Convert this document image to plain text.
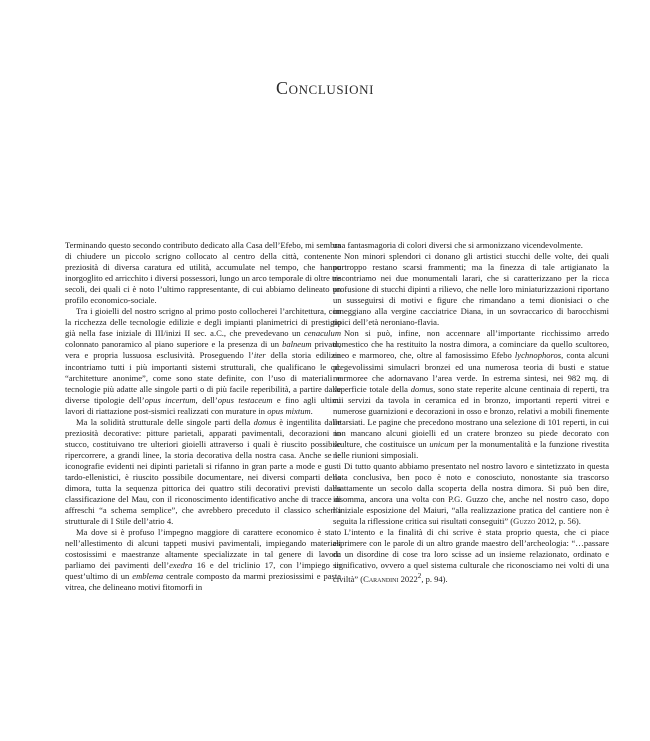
Conclusioni

Terminando questo secondo contributo dedicato alla Casa dell’Efebo, mi sembra di chiudere un piccolo scrigno collocato al centro della città, contenente preziosità di diversa caratura ed utilità, accumulate nel tempo, che hanno inorgoglito ed arricchito i diversi possessori, lungo un arco temporale di oltre tre secoli, dei quali ci è noto l’ultimo rappresentante, di cui abbiamo delineato un profilo economico-sociale.

Tra i gioielli del nostro scrigno al primo posto collocherei l’architettura, con la ricchezza delle tecnologie edilizie e degli impianti planimetrici di prestigio già nella fase iniziale di III/inizi II sec. a.C., che prevedevano un cenaculum colonnato panoramico al piano superiore e la presenza di un balneum privato, vera e propria lussuosa esclusività. Proseguendo l’iter della storia edilizia incontriamo tutti i più importanti sistemi strutturali, che qualificano le cd. “architetture anonime”, come sono state definite, con l’uso di materiali e tecnologie più adatte alle singole parti o di più facile reperibilità, a partire dalle diverse tipologie dell’opus incertum, dell’opus testaceum e fino agli ultimi lavori di riattazione post-sismici realizzati con murature in opus mixtum.

Ma la solidità strutturale delle singole parti della domus è ingentilita dalle preziosità decorative: pitture parietali, apparati pavimentali, decorazioni in stucco, costituivano tre ulteriori gioielli attraverso i quali è riuscito possibile ripercorrere, a grandi linee, la storia decorativa della nostra casa. Anche se le iconografie evidenti nei dipinti parietali si rifanno in gran parte a mode e gusti tardo-ellenistici, è riuscito possibile documentare, nei diversi comparti della dimora, tutta la sequenza pittorica dei quattro stili decorativi previsti dalla classificazione del Mau, con il riconoscimento identificativo anche di tracce di affreschi “a schema semplice”, che avrebbero preceduto il classico schema strutturale di I Stile dell’atrio 4.

Ma dove si è profuso l’impegno maggiore di carattere economico è stato nell’allestimento di alcuni tappeti musivi pavimentali, impiegando materiali costosissimi e maestranze altamente specializzate in tal genere di lavori: parliamo dei pavimenti dell’exedra 16 e del triclinio 17, con l’impiego in quest’ultimo di un emblema centrale composto da marmi preziosissimi e pasta vitrea, che delineano motivi fitomorfi in

una fantasmagoria di colori diversi che si armonizzano vicendevolmente.

Non minori splendori ci donano gli artistici stucchi delle volte, dei quali purtroppo restano scarsi frammenti; ma la finezza di tale artigianato la riscontriamo nei due monumentali larari, che si caratterizzano per la ricca profusione di stucchi dipinti a rilievo, che nelle loro miniaturizzazioni riportano un susseguirsi di motivi e figure che rimandano a temi dionisiaci o che inneggiano alla vergine cacciatrice Diana, in un sovraccarico di barocchismi tipici dell’età neroniano-flavia.

Non si può, infine, non accennare all’importante ricchissimo arredo domestico che ha restituito la nostra dimora, a cominciare da quello scultoreo, eneo e marmoreo, che, oltre al famosissimo Efebo lychnophoros, conta alcuni pregevolissimi simulacri bronzei ed una numerosa teoria di busti e statue marmoree che adornavano l’area verde. In estrema sintesi, nei 982 mq. di superficie totale della domus, sono state reperite alcune centinaia di reperti, tra cui servizi da tavola in ceramica ed in bronzo, importanti reperti vitrei e numerose guarnizioni e decorazioni in osso e bronzo, relativi a mobili finemente intarsiati. Le pagine che precedono mostrano una selezione di 101 reperti, in cui non mancano alcuni gioielli ed un cratere bronzeo su piede decorato con sculture, che costituisce un unicum per la monumentalità e la funzione rivestita nelle riunioni simposiali.

Di tutto quanto abbiamo presentato nel nostro lavoro e sintetizzato in questa nota conclusiva, ben poco è noto e conosciuto, nonostante sia trascorso esattamente un secolo dalla scoperta della nostra dimora. Si può ben dire, insomma, ancora una volta con P.G. Guzzo che, anche nel nostro caso, dopo l’iniziale esposizione del Maiuri, “alla realizzazione pratica del cantiere non è seguita la riflessione critica sui risultati conseguiti” (Guzzo 2012, p. 56).

L’intento e la finalità di chi scrive è stata proprio questa, che ci piace esprimere con le parole di un altro grande maestro dell’archeologia: “…passare da un disordine di cose tra loro scisse ad un insieme relazionato, ordinato e significativo, ovvero a quel sistema culturale che riconosciamo nei volti di una civiltà” (Carandini 2022$^2$, p. 94).
